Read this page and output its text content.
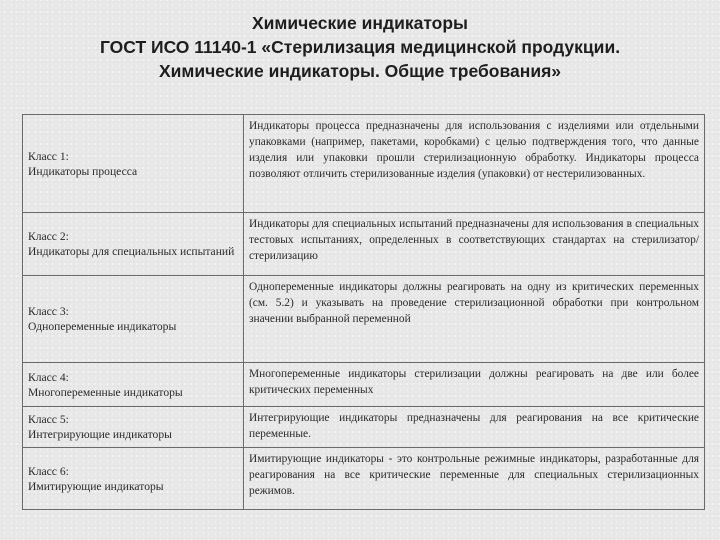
Химические индикаторы
ГОСТ ИСО 11140-1 «Стерилизация медицинской продукции.
Химические индикаторы. Общие требования»
Класс 1:
Индикаторы процесса	Индикаторы процесса предназначены для использования с изделиями или отдельными упаковками (например, пакетами, коробками) с целью подтверждения того, что данные изделия или упаковки прошли стерилизационную обработку. Индикаторы процесса позволяют отличить стерилизованные изделия (упаковки) от нестерилизованных.

Класс 2:
Индикаторы для специальных испытаний	Индикаторы для специальных испытаний предназначены для использования в специальных тестовых испытаниях, определенных в соответствующих стандартах на стерилизатор/стерилизацию

Класс 3:
Однопеременные индикаторы	Однопеременные индикаторы должны реагировать на одну из критических переменных (см. 5.2) и указывать на проведение стерилизационной обработки при контрольном значении выбранной переменной

Класс 4:
Многопеременные индикаторы	Многопеременные индикаторы стерилизации должны реагировать на две или более критических переменных

Класс 5:
Интегрирующие индикаторы	Интегрирующие индикаторы предназначены для реагирования на все критические переменные.

Класс 6:
Имитирующие индикаторы	Имитирующие индикаторы - это контрольные режимные индикаторы, разработанные для реагирования на все критические переменные для специальных стерилизационных режимов.
